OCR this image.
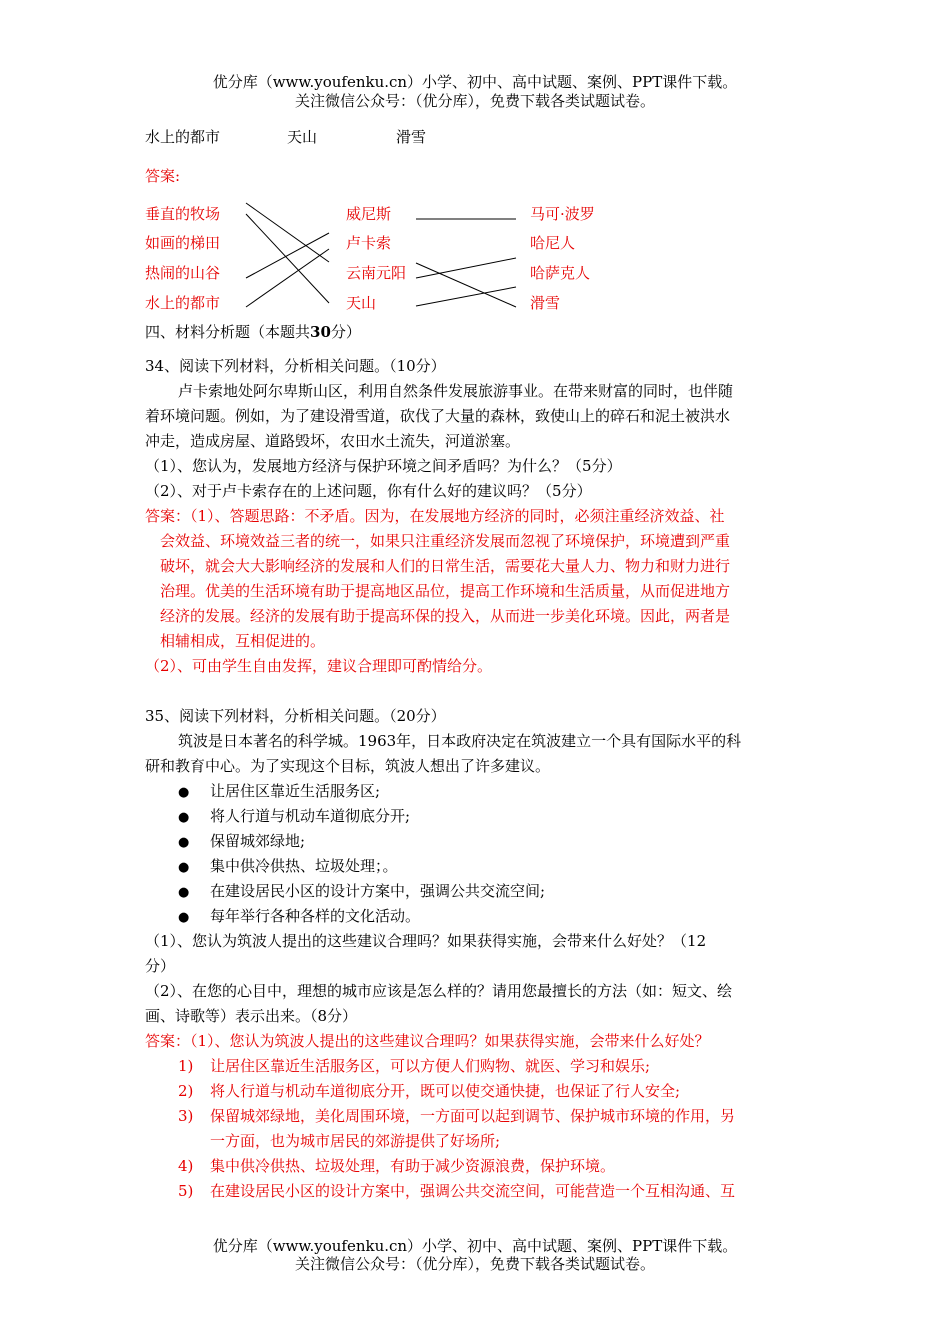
优分库（www.youfenku.cn）小学、初中、高中试题、案例、PPT课件下载。
关注微信公众号：（优分库），免费下载各类试题试卷。
水上的都市	天山	滑雪
答案:
垂直的牧场
如画的梯田
热闹的山谷
水上的都市
威尼斯
卢卡索
云南元阳
天山
马可·波罗
哈尼人
哈萨克人
滑雪
四、材料分析题（本题共30分）
34、阅读下列材料，分析相关问题。（10分）
卢卡索地处阿尔卑斯山区，利用自然条件发展旅游事业。在带来财富的同时，也伴随
着环境问题。例如，为了建设滑雪道，砍伐了大量的森林，致使山上的碎石和泥土被洪水
冲走，造成房屋、道路毁坏，农田水土流失，河道淤塞。
（1）、您认为，发展地方经济与保护环境之间矛盾吗？为什么？（5分）
（2）、对于卢卡索存在的上述问题，你有什么好的建议吗？（5分）
答案：（1）、答题思路：不矛盾。因为，在发展地方经济的同时，必须注重经济效益、社
会效益、环境效益三者的统一，如果只注重经济发展而忽视了环境保护，环境遭到严重
破坏，就会大大影响经济的发展和人们的日常生活，需要花大量人力、物力和财力进行
治理。优美的生活环境有助于提高地区品位，提高工作环境和生活质量，从而促进地方
经济的发展。经济的发展有助于提高环保的投入，从而进一步美化环境。因此，两者是
相辅相成，互相促进的。
（2）、可由学生自由发挥，建议合理即可酌情给分。
35、阅读下列材料，分析相关问题。（20分）
筑波是日本著名的科学城。1963年，日本政府决定在筑波建立一个具有国际水平的科
研和教育中心。为了实现这个目标，筑波人想出了许多建议。
● 让居住区靠近生活服务区;
● 将人行道与机动车道彻底分开;
● 保留城郊绿地;
● 集中供冷供热、垃圾处理；。
● 在建设居民小区的设计方案中，强调公共交流空间;
● 每年举行各种各样的文化活动。
（1）、您认为筑波人提出的这些建议合理吗？如果获得实施，会带来什么好处？（12
分）
（2）、在您的心目中，理想的城市应该是怎么样的？请用您最擅长的方法（如：短文、绘
画、诗歌等）表示出来。（8分）
答案：（1）、您认为筑波人提出的这些建议合理吗？如果获得实施，会带来什么好处？
1) 让居住区靠近生活服务区，可以方便人们购物、就医、学习和娱乐;
2) 将人行道与机动车道彻底分开，既可以使交通快捷，也保证了行人安全;
3) 保留城郊绿地，美化周围环境，一方面可以起到调节、保护城市环境的作用，另
一方面，也为城市居民的郊游提供了好场所;
4) 集中供冷供热、垃圾处理，有助于减少资源浪费，保护环境。
5) 在建设居民小区的设计方案中，强调公共交流空间，可能营造一个互相沟通、互
优分库（www.youfenku.cn）小学、初中、高中试题、案例、PPT课件下载。
关注微信公众号：（优分库），免费下载各类试题试卷。
